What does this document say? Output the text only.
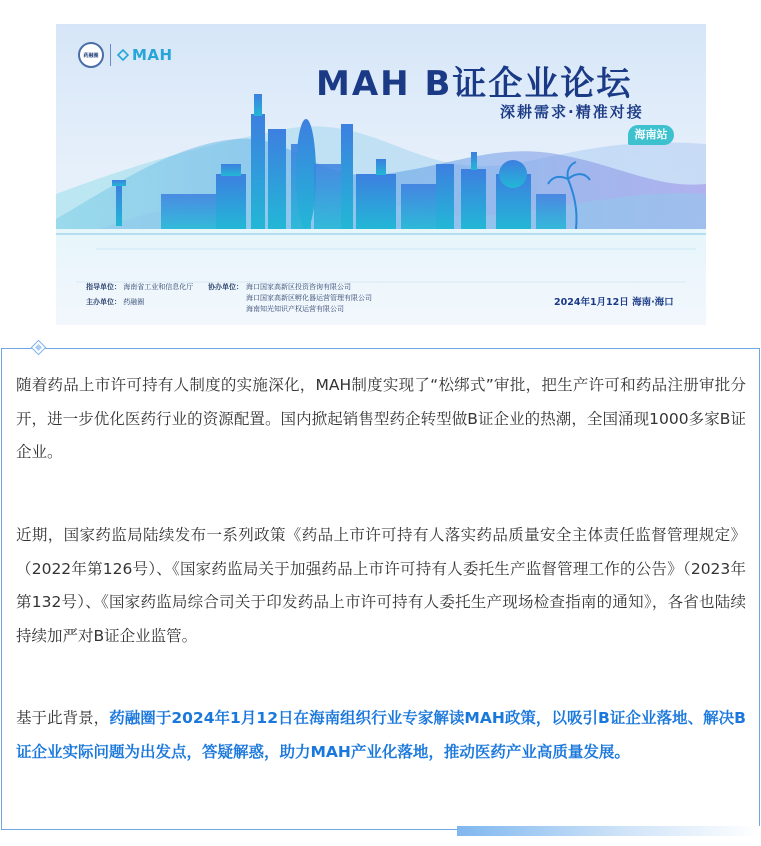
药融圈 MAH
MAH B证企业论坛
深耕需求·精准对接
海南站
指导单位： 海南省工业和信息化厅
主办单位： 药融圈
协办单位： 海口国家高新区投资咨询有限公司
海口国家高新区孵化器运营管理有限公司
海南知光知识产权运营有限公司
2024年1月12日 海南·海口

随着药品上市许可持有人制度的实施深化，MAH制度实现了“松绑式”审批，把生产许可和药品注册审批分开，进一步优化医药行业的资源配置。国内掀起销售型药企转型做B证企业的热潮，全国涌现1000多家B证企业。

近期，国家药监局陆续发布一系列政策《药品上市许可持有人落实药品质量安全主体责任监督管理规定》（2022年第126号）、《国家药监局关于加强药品上市许可持有人委托生产监督管理工作的公告》（2023年第132号）、《国家药监局综合司关于印发药品上市许可持有人委托生产现场检查指南的通知》，各省也陆续持续加严对B证企业监管。

基于此背景，药融圈于2024年1月12日在海南组织行业专家解读MAH政策，以吸引B证企业落地、解决B证企业实际问题为出发点，答疑解惑，助力MAH产业化落地，推动医药产业高质量发展。
